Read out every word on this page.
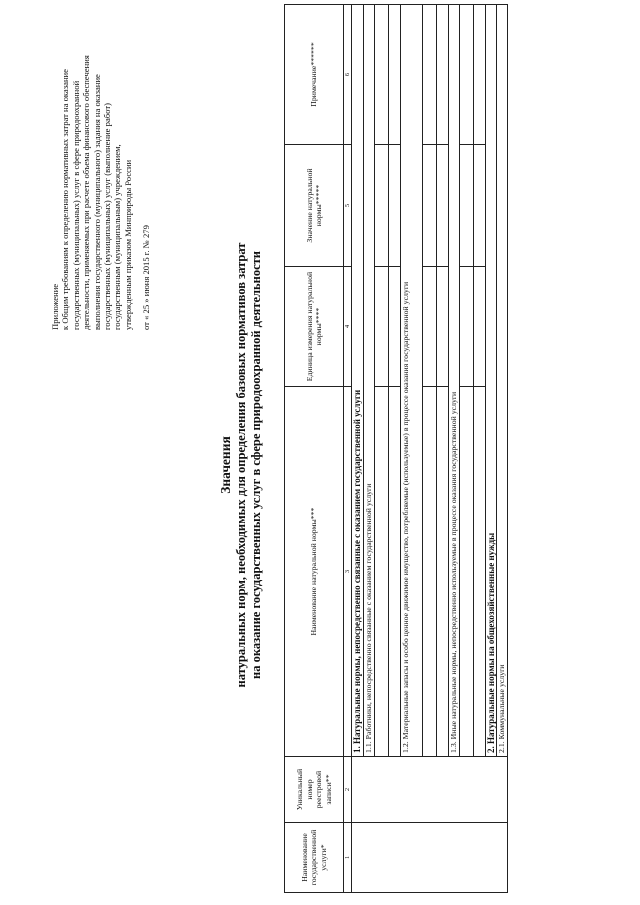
Приложение к Общим требованиям к определению нормативных затрат на оказание государственных (муниципальных) услуг в сфере природоохранной деятельности, применяемых при расчете объема финансового обеспечения выполнения государственного (муниципального) задания на оказание государственных (муниципальных) услуг (выполнение работ) государственным (муниципальным) учреждением, утвержденным приказом Минприроды России от « 25 » июня 2015 г. № 279
Значения натуральных норм, необходимых для определения базовых нормативов затрат на оказание государственных услуг в сфере природоохранной деятельности
Наименование государственной услуги*	Уникальный номер реестровой записи**	Наименование натуральной нормы***	Единица измерения натуральной нормы****	Значение натуральной нормы*****	Примечание******
1	2	3	4	5	6
		1. Натуральные нормы, непосредственно связанные с оказанием государственной услуги			
		1.1. Работники, непосредственно связанные с оказанием государственной услуги			

		1.2. Материальные запасы и особо ценное движимое имущество, потребляемые (используемые) в процессе оказания государственной услуги			

		1.3. Иные натуральные нормы, непосредственно используемые в процессе оказания государственной услуги			

		2. Натуральные нормы на общехозяйственные нужды			
		2.1. Коммунальные услуги			
